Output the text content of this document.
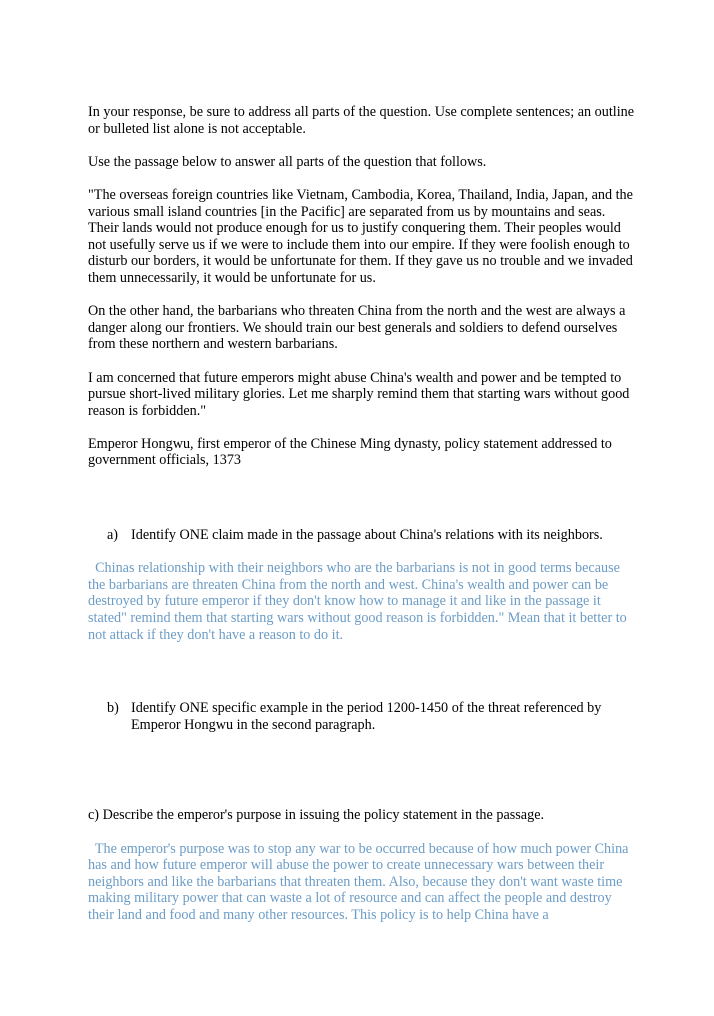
In your response, be sure to address all parts of the question. Use complete sentences; an outline or bulleted list alone is not acceptable.

Use the passage below to answer all parts of the question that follows.

"The overseas foreign countries like Vietnam, Cambodia, Korea, Thailand, India, Japan, and the various small island countries [in the Pacific] are separated from us by mountains and seas. Their lands would not produce enough for us to justify conquering them. Their peoples would not usefully serve us if we were to include them into our empire. If they were foolish enough to disturb our borders, it would be unfortunate for them. If they gave us no trouble and we invaded them unnecessarily, it would be unfortunate for us.

On the other hand, the barbarians who threaten China from the north and the west are always a danger along our frontiers. We should train our best generals and soldiers to defend ourselves from these northern and western barbarians.

I am concerned that future emperors might abuse China's wealth and power and be tempted to pursue short-lived military glories. Let me sharply remind them that starting wars without good reason is forbidden."

Emperor Hongwu, first emperor of the Chinese Ming dynasty, policy statement addressed to government officials, 1373

a) Identify ONE claim made in the passage about China's relations with its neighbors.

Chinas relationship with their neighbors who are the barbarians is not in good terms because the barbarians are threaten China from the north and west. China's wealth and power can be destroyed by future emperor if they don't know how to manage it and like in the passage it stated" remind them that starting wars without good reason is forbidden." Mean that it better to not attack if they don't have a reason to do it.

b) Identify ONE specific example in the period 1200-1450 of the threat referenced by Emperor Hongwu in the second paragraph.

c) Describe the emperor's purpose in issuing the policy statement in the passage.

The emperor's purpose was to stop any war to be occurred because of how much power China has and how future emperor will abuse the power to create unnecessary wars between their neighbors and like the barbarians that threaten them. Also, because they don't want waste time making military power that can waste a lot of resource and can affect the people and destroy their land and food and many other resources. This policy is to help China have a
